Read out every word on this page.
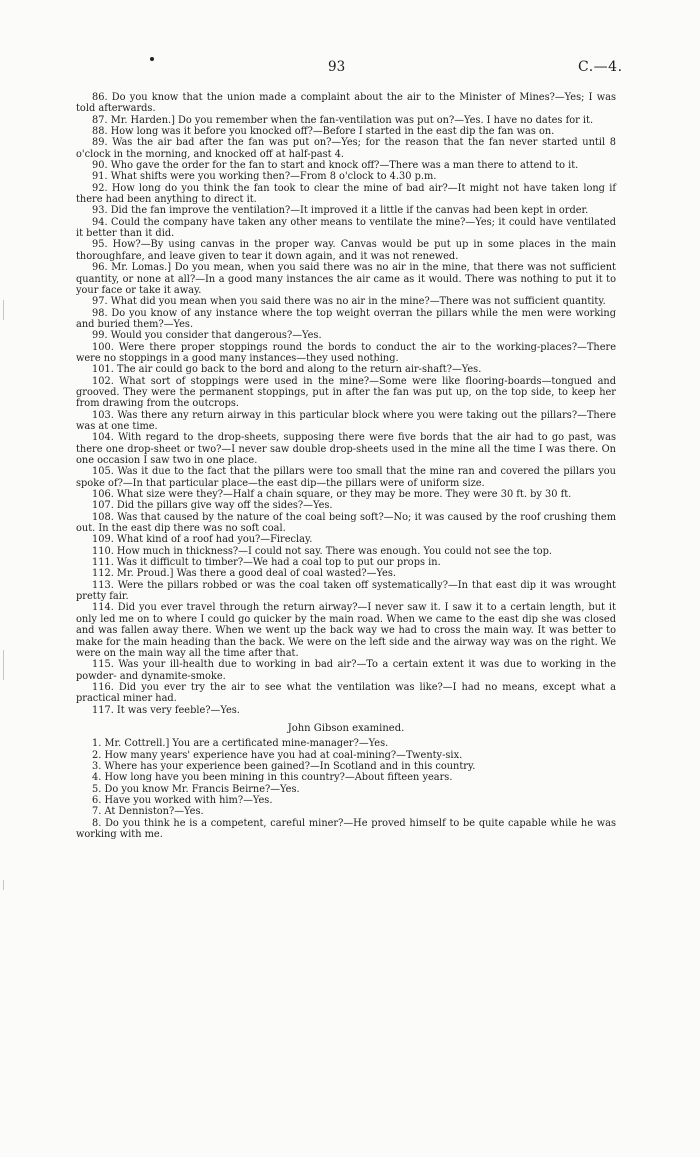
93	C.—4.

86. Do you know that the union made a complaint about the air to the Minister of Mines?—Yes; I was told afterwards.

87. Mr. Harden.] Do you remember when the fan-ventilation was put on?—Yes. I have no dates for it.

88. How long was it before you knocked off?—Before I started in the east dip the fan was on.

89. Was the air bad after the fan was put on?—Yes; for the reason that the fan never started until 8 o'clock in the morning, and knocked off at half-past 4.

90. Who gave the order for the fan to start and knock off?—There was a man there to attend to it.

91. What shifts were you working then?—From 8 o'clock to 4.30 p.m.

92. How long do you think the fan took to clear the mine of bad air?—It might not have taken long if there had been anything to direct it.

93. Did the fan improve the ventilation?—It improved it a little if the canvas had been kept in order.

94. Could the company have taken any other means to ventilate the mine?—Yes; it could have ventilated it better than it did.

95. How?—By using canvas in the proper way. Canvas would be put up in some places in the main thoroughfare, and leave given to tear it down again, and it was not renewed.

96. Mr. Lomas.] Do you mean, when you said there was no air in the mine, that there was not sufficient quantity, or none at all?—In a good many instances the air came as it would. There was nothing to put it to your face or take it away.

97. What did you mean when you said there was no air in the mine?—There was not sufficient quantity.

98. Do you know of any instance where the top weight overran the pillars while the men were working and buried them?—Yes.

99. Would you consider that dangerous?—Yes.

100. Were there proper stoppings round the bords to conduct the air to the working-places?—There were no stoppings in a good many instances—they used nothing.

101. The air could go back to the bord and along to the return air-shaft?—Yes.

102. What sort of stoppings were used in the mine?—Some were like flooring-boards—tongued and grooved. They were the permanent stoppings, put in after the fan was put up, on the top side, to keep her from drawing from the outcrops.

103. Was there any return airway in this particular block where you were taking out the pillars?—There was at one time.

104. With regard to the drop-sheets, supposing there were five bords that the air had to go past, was there one drop-sheet or two?—I never saw double drop-sheets used in the mine all the time I was there. On one occasion I saw two in one place.

105. Was it due to the fact that the pillars were too small that the mine ran and covered the pillars you spoke of?—In that particular place—the east dip—the pillars were of uniform size.

106. What size were they?—Half a chain square, or they may be more. They were 30 ft. by 30 ft.

107. Did the pillars give way off the sides?—Yes.

108. Was that caused by the nature of the coal being soft?—No; it was caused by the roof crushing them out. In the east dip there was no soft coal.

109. What kind of a roof had you?—Fireclay.

110. How much in thickness?—I could not say. There was enough. You could not see the top.

111. Was it difficult to timber?—We had a coal top to put our props in.

112. Mr. Proud.] Was there a good deal of coal wasted?—Yes.

113. Were the pillars robbed or was the coal taken off systematically?—In that east dip it was wrought pretty fair.

114. Did you ever travel through the return airway?—I never saw it. I saw it to a certain length, but it only led me on to where I could go quicker by the main road. When we came to the east dip she was closed and was fallen away there. When we went up the back way we had to cross the main way. It was better to make for the main heading than the back. We were on the left side and the airway way was on the right. We were on the main way all the time after that.

115. Was your ill-health due to working in bad air?—To a certain extent it was due to working in the powder- and dynamite-smoke.

116. Did you ever try the air to see what the ventilation was like?—I had no means, except what a practical miner had.

117. It was very feeble?—Yes.

John Gibson examined.

1. Mr. Cottrell.] You are a certificated mine-manager?—Yes.

2. How many years' experience have you had at coal-mining?—Twenty-six.

3. Where has your experience been gained?—In Scotland and in this country.

4. How long have you been mining in this country?—About fifteen years.

5. Do you know Mr. Francis Beirne?—Yes.

6. Have you worked with him?—Yes.

7. At Denniston?—Yes.

8. Do you think he is a competent, careful miner?—He proved himself to be quite capable while he was working with me.
